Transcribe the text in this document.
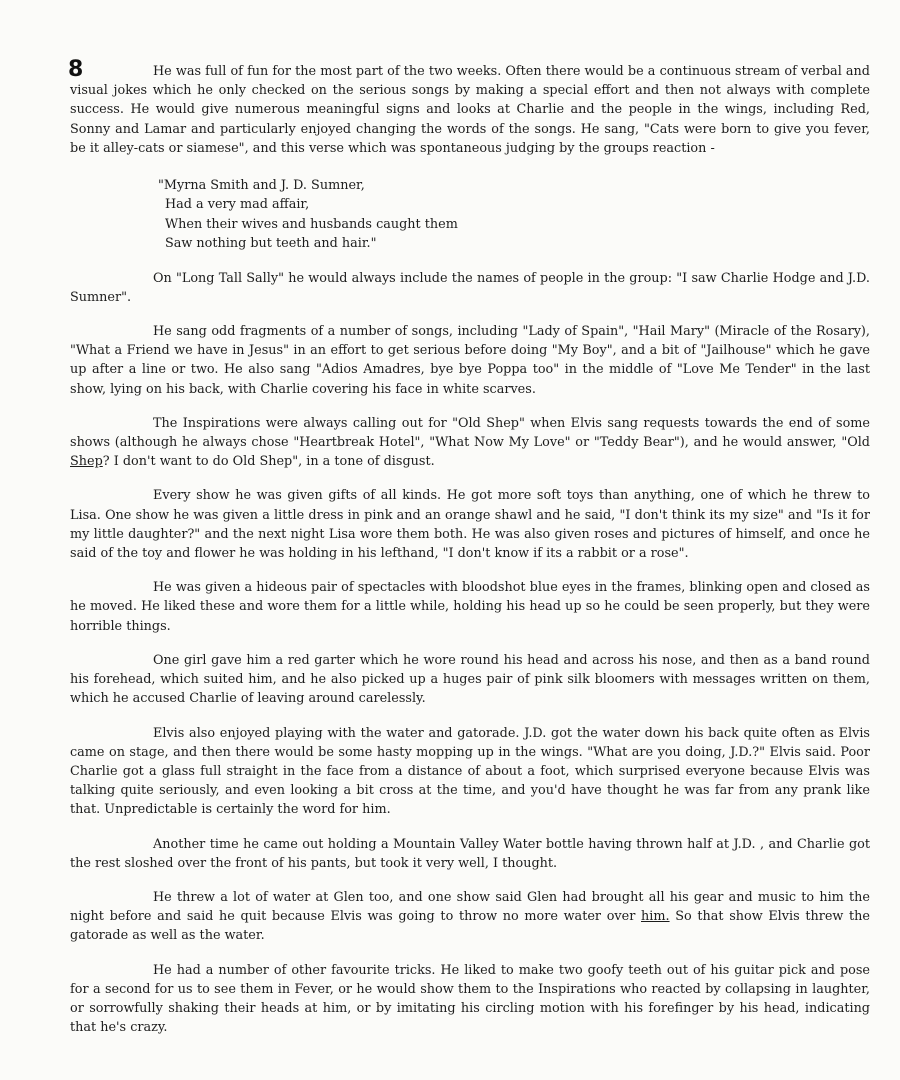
8	He was full of fun for the most part of the two weeks. Often there would be a continuous stream of verbal and visual jokes which he only checked on the serious songs by making a special effort and then not always with complete success. He would give numerous meaningful signs and looks at Charlie and the people in the wings, including Red, Sonny and Lamar and particularly enjoyed changing the words of the songs. He sang, "Cats were born to give you fever, be it alley-cats or siamese", and this verse which was spontaneous judging by the groups reaction -

"Myrna Smith and J. D. Sumner,
Had a very mad affair,
When their wives and husbands caught them
Saw nothing but teeth and hair."

On "Long Tall Sally" he would always include the names of people in the group: "I saw Charlie Hodge and J.D. Sumner".

He sang odd fragments of a number of songs, including "Lady of Spain", "Hail Mary" (Miracle of the Rosary), "What a Friend we have in Jesus" in an effort to get serious before doing "My Boy", and a bit of "Jailhouse" which he gave up after a line or two. He also sang "Adios Amadres, bye bye Poppa too" in the middle of "Love Me Tender" in the last show, lying on his back, with Charlie covering his face in white scarves.

The Inspirations were always calling out for "Old Shep" when Elvis sang requests towards the end of some shows (although he always chose "Heartbreak Hotel", "What Now My Love" or "Teddy Bear"), and he would answer, "Old Shep? I don't want to do Old Shep", in a tone of disgust.

Every show he was given gifts of all kinds. He got more soft toys than anything, one of which he threw to Lisa. One show he was given a little dress in pink and an orange shawl and he said, "I don't think its my size" and "Is it for my little daughter?" and the next night Lisa wore them both. He was also given roses and pictures of himself, and once he said of the toy and flower he was holding in his lefthand, "I don't know if its a rabbit or a rose".

He was given a hideous pair of spectacles with bloodshot blue eyes in the frames, blinking open and closed as he moved. He liked these and wore them for a little while, holding his head up so he could be seen properly, but they were horrible things.

One girl gave him a red garter which he wore round his head and across his nose, and then as a band round his forehead, which suited him, and he also picked up a huges pair of pink silk bloomers with messages written on them, which he accused Charlie of leaving around carelessly.

Elvis also enjoyed playing with the water and gatorade. J.D. got the water down his back quite often as Elvis came on stage, and then there would be some hasty mopping up in the wings. "What are you doing, J.D.?" Elvis said. Poor Charlie got a glass full straight in the face from a distance of about a foot, which surprised everyone because Elvis was talking quite seriously, and even looking a bit cross at the time, and you'd have thought he was far from any prank like that. Unpredictable is certainly the word for him.

Another time he came out holding a Mountain Valley Water bottle having thrown half at J.D. , and Charlie got the rest sloshed over the front of his pants, but took it very well, I thought.

He threw a lot of water at Glen too, and one show said Glen had brought all his gear and music to him the night before and said he quit because Elvis was going to throw no more water over him. So that show Elvis threw the gatorade as well as the water.

He had a number of other favourite tricks. He liked to make two goofy teeth out of his guitar pick and pose for a second for us to see them in Fever, or he would show them to the Inspirations who reacted by collapsing in laughter, or sorrowfully shaking their heads at him, or by imitating his circling motion with his forefinger by his head, indicating that he's crazy.
